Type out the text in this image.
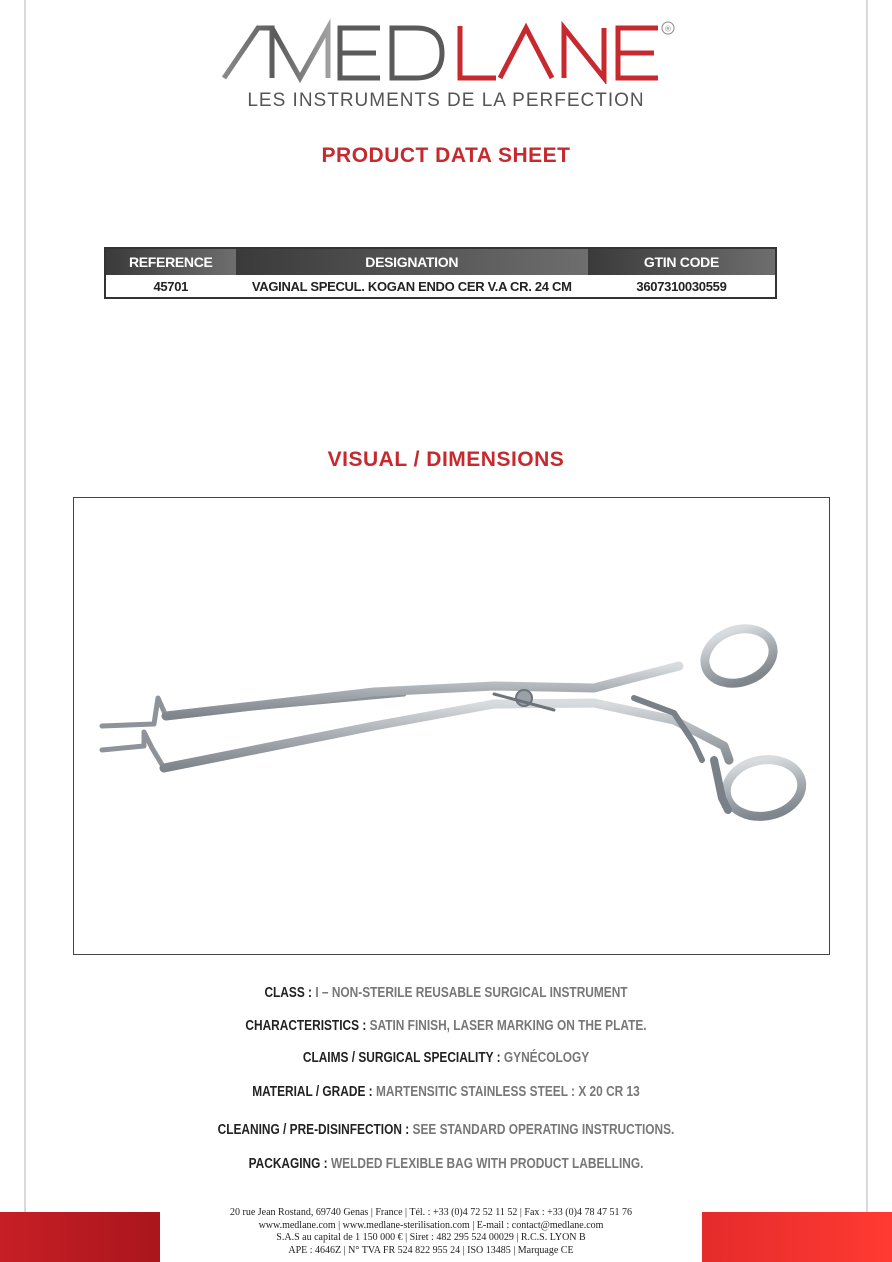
®
LES INSTRUMENTS DE LA PERFECTION
PRODUCT DATA SHEET
REFERENCE	DESIGNATION	GTIN CODE
45701	VAGINAL SPECUL. KOGAN ENDO CER V.A CR. 24 CM	3607310030559
VISUAL / DIMENSIONS
CLASS : I – NON-STERILE REUSABLE SURGICAL INSTRUMENT
CHARACTERISTICS : SATIN FINISH, LASER MARKING ON THE PLATE.
CLAIMS / SURGICAL SPECIALITY : GYNÉCOLOGY
MATERIAL / GRADE : MARTENSITIC STAINLESS STEEL : X 20 CR 13
CLEANING / PRE-DISINFECTION : SEE STANDARD OPERATING INSTRUCTIONS.
PACKAGING : WELDED FLEXIBLE BAG WITH PRODUCT LABELLING.
20 rue Jean Rostand, 69740 Genas | France | Tél. : +33 (0)4 72 52 11 52 | Fax : +33 (0)4 78 47 51 76
www.medlane.com | www.medlane-sterilisation.com | E-mail : contact@medlane.com
S.A.S au capital de 1 150 000 € | Siret : 482 295 524 00029 | R.C.S. LYON B
APE : 4646Z | N° TVA FR 524 822 955 24 | ISO 13485 | Marquage CE
